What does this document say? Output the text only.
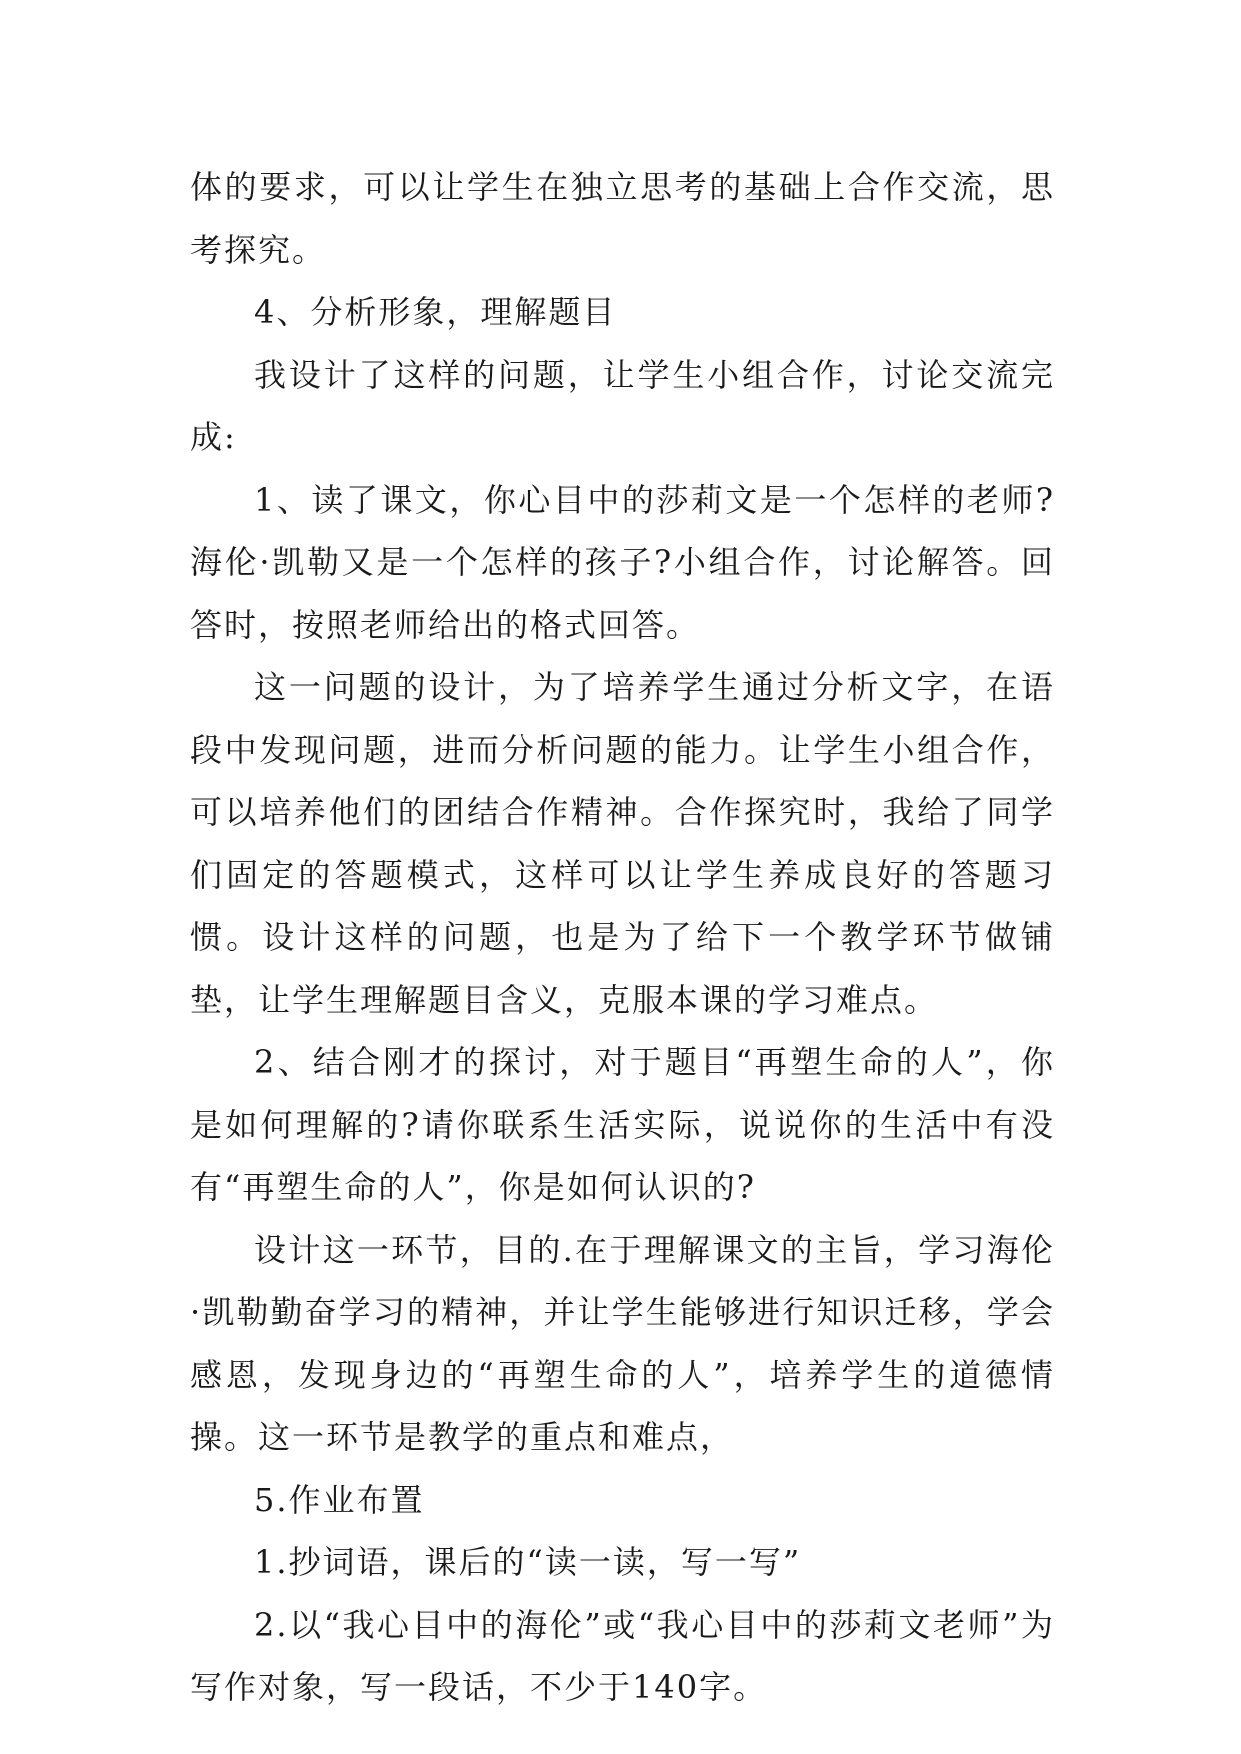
体的要求，可以让学生在独立思考的基础上合作交流，思考探究。

4、分析形象，理解题目

我设计了这样的问题，让学生小组合作，讨论交流完成:

1、读了课文，你心目中的莎莉文是一个怎样的老师?海伦·凯勒又是一个怎样的孩子?小组合作，讨论解答。回答时，按照老师给出的格式回答。

这一问题的设计，为了培养学生通过分析文字，在语段中发现问题，进而分析问题的能力。让学生小组合作，可以培养他们的团结合作精神。合作探究时，我给了同学们固定的答题模式，这样可以让学生养成良好的答题习惯。设计这样的问题，也是为了给下一个教学环节做铺垫，让学生理解题目含义，克服本课的学习难点。

2、结合刚才的探讨，对于题目“再塑生命的人”，你是如何理解的?请你联系生活实际，说说你的生活中有没有“再塑生命的人”，你是如何认识的?

设计这一环节，目的.在于理解课文的主旨，学习海伦·凯勒勤奋学习的精神，并让学生能够进行知识迁移，学会感恩，发现身边的“再塑生命的人”，培养学生的道德情操。这一环节是教学的重点和难点，

5.作业布置

1.抄词语，课后的“读一读，写一写”

2.以“我心目中的海伦”或“我心目中的莎莉文老师”为写作对象，写一段话，不少于140字。
